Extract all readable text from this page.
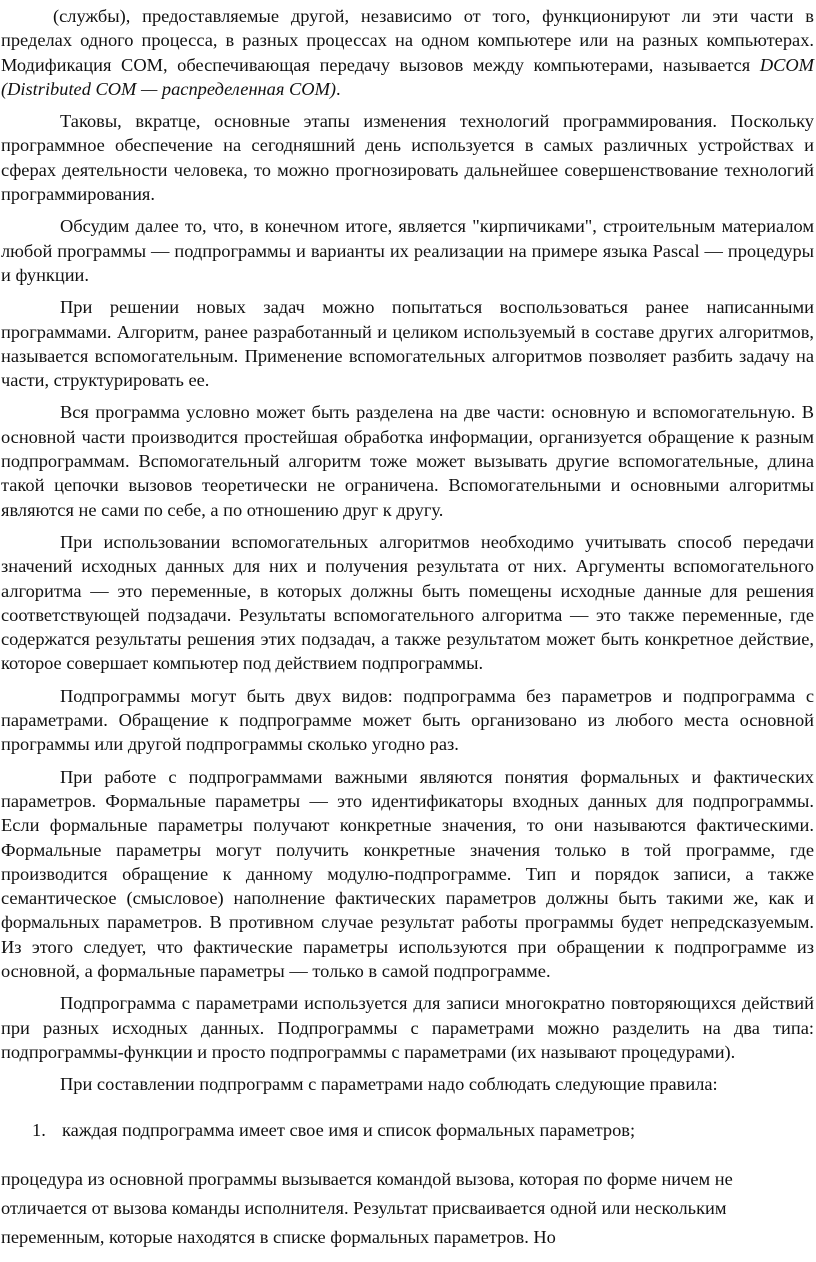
(службы), предоставляемые другой, независимо от того, функционируют ли эти части в пределах одного процесса, в разных процессах на одном компьютере или на разных компьютерах. Модификация COM, обеспечивающая передачу вызовов между компьютерами, называется DCOM (Distributed COM — распределенная COM).

Таковы, вкратце, основные этапы изменения технологий программирования. Поскольку программное обеспечение на сегодняшний день используется в самых различных устройствах и сферах деятельности человека, то можно прогнозировать дальнейшее совершенствование технологий программирования.

Обсудим далее то, что, в конечном итоге, является "кирпичиками", строительным материалом любой программы — подпрограммы и варианты их реализации на примере языка Pascal — процедуры и функции.

При решении новых задач можно попытаться воспользоваться ранее написанными программами. Алгоритм, ранее разработанный и целиком используемый в составе других алгоритмов, называется вспомогательным. Применение вспомогательных алгоритмов позволяет разбить задачу на части, структурировать ее.

Вся программа условно может быть разделена на две части: основную и вспомогательную. В основной части производится простейшая обработка информации, организуется обращение к разным подпрограммам. Вспомогательный алгоритм тоже может вызывать другие вспомогательные, длина такой цепочки вызовов теоретически не ограничена. Вспомогательными и основными алгоритмы являются не сами по себе, а по отношению друг к другу.

При использовании вспомогательных алгоритмов необходимо учитывать способ передачи значений исходных данных для них и получения результата от них. Аргументы вспомогательного алгоритма — это переменные, в которых должны быть помещены исходные данные для решения соответствующей подзадачи. Результаты вспомогательного алгоритма — это также переменные, где содержатся результаты решения этих подзадач, а также результатом может быть конкретное действие, которое совершает компьютер под действием подпрограммы.

Подпрограммы могут быть двух видов: подпрограмма без параметров и подпрограмма с параметрами. Обращение к подпрограмме может быть организовано из любого места основной программы или другой подпрограммы сколько угодно раз.

При работе с подпрограммами важными являются понятия формальных и фактических параметров. Формальные параметры — это идентификаторы входных данных для подпрограммы. Если формальные параметры получают конкретные значения, то они называются фактическими. Формальные параметры могут получить конкретные значения только в той программе, где производится обращение к данному модулю-подпрограмме. Тип и порядок записи, а также семантическое (смысловое) наполнение фактических параметров должны быть такими же, как и формальных параметров. В противном случае результат работы программы будет непредсказуемым. Из этого следует, что фактические параметры используются при обращении к подпрограмме из основной, а формальные параметры — только в самой подпрограмме.

Подпрограмма с параметрами используется для записи многократно повторяющихся действий при разных исходных данных. Подпрограммы с параметрами можно разделить на два типа: подпрограммы-функции и просто подпрограммы с параметрами (их называют процедурами).

При составлении подпрограмм с параметрами надо соблюдать следующие правила:

1. каждая подпрограмма имеет свое имя и список формальных параметров;

процедура из основной программы вызывается командой вызова, которая по форме ничем не отличается от вызова команды исполнителя. Результат присваивается одной или нескольким переменным, которые находятся в списке формальных параметров. Но
